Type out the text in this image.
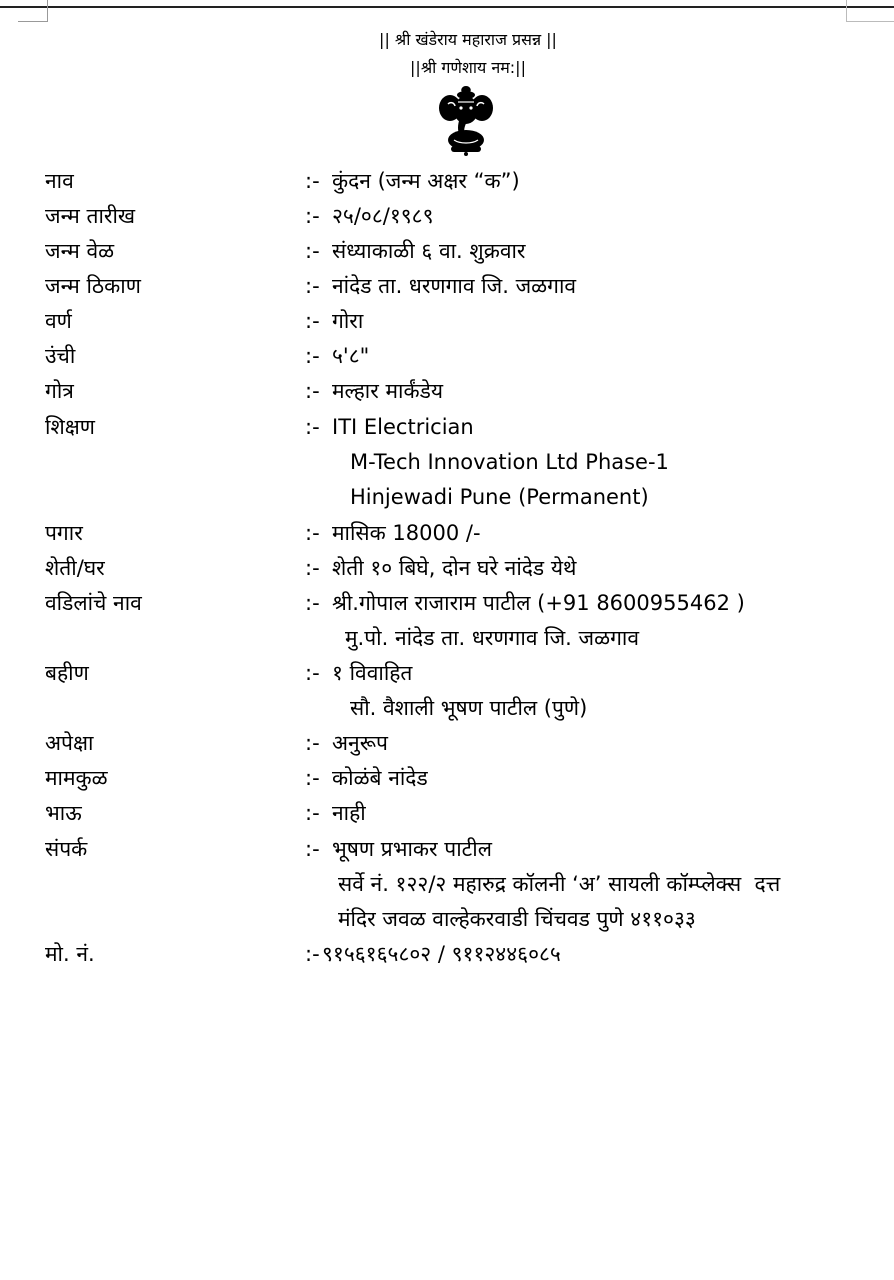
|| श्री खंडेराय महाराज प्रसन्न ||
||श्री गणेशाय नम:||
नाव	:- कुंदन (जन्म अक्षर “क”)
जन्म तारीख	:- २५/०८/१९८९
जन्म वेळ	:- संध्याकाळी ६ वा. शुक्रवार
जन्म ठिकाण	:- नांदेड ता. धरणगाव जि. जळगाव
वर्ण	:- गोरा
उंची	:- ५'८"
गोत्र	:- मल्हार मार्कंडेय
शिक्षण	:- ITI Electrician
M-Tech Innovation Ltd Phase-1
Hinjewadi Pune (Permanent)
पगार	:- मासिक 18000 /-
शेती/घर	:- शेती १० बिघे, दोन घरे नांदेड येथे
वडिलांचे नाव	:- श्री.गोपाल राजाराम पाटील (+91 8600955462 )
मु.पो. नांदेड ता. धरणगाव जि. जळगाव
बहीण	:- १ विवाहित
सौ. वैशाली भूषण पाटील (पुणे)
अपेक्षा	:- अनुरूप
मामकुळ	:- कोळंबे नांदेड
भाऊ	:- नाही
संपर्क	:- भूषण प्रभाकर पाटील
सर्वे नं. १२२/२ महारुद्र कॉलनी ‘अ’ सायली कॉम्प्लेक्स  दत्त
मंदिर जवळ वाल्हेकरवाडी चिंचवड पुणे ४११०३३
मो. नं.	:- ९१५६१६५८०२ / ९११२४४६०८५
